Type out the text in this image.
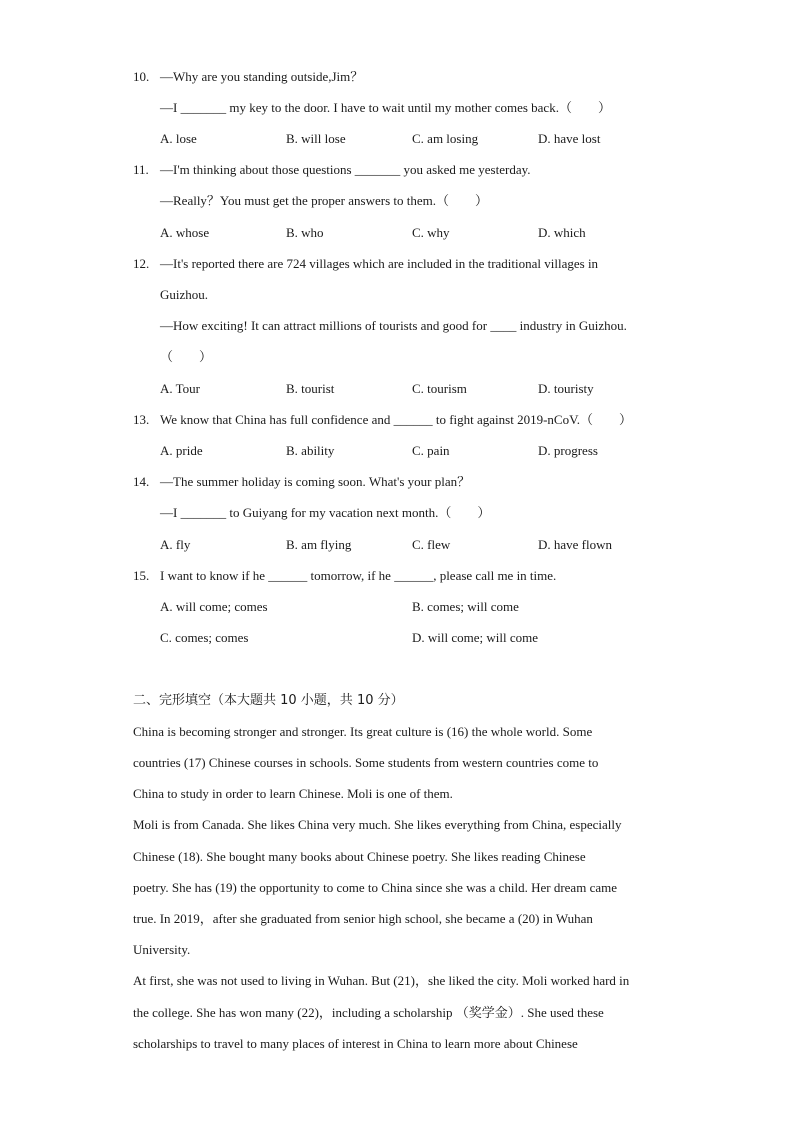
10. —Why are you standing outside,Jim？
—I _______ my key to the door. I have to wait until my mother comes back.（　　）
A. lose	B. will lose	C. am losing	D. have lost
11. —I'm thinking about those questions _______ you asked me yesterday.
—Really？You must get the proper answers to them.（　　）
A. whose	B. who	C. why	D. which
12. —It's reported there are 724 villages which are included in the traditional villages in
Guizhou.
—How exciting! It can attract millions of tourists and good for ____ industry in Guizhou.
（　　）
A. Tour	B. tourist	C. tourism	D. touristy
13. We know that China has full confidence and ______ to fight against 2019-nCoV.（　　）
A. pride	B. ability	C. pain	D. progress
14. —The summer holiday is coming soon. What's your plan？
—I _______ to Guiyang for my vacation next month.（　　）
A. fly	B. am flying	C. flew	D. have flown
15. I want to know if he ______ tomorrow, if he ______, please call me in time.
A. will come; comes	B. comes; will come
C. comes; comes	D. will come; will come
二、完形填空（本大题共 10 小题，共 10 分）
China is becoming stronger and stronger. Its great culture is (16) the whole world. Some
countries (17) Chinese courses in schools. Some students from western countries come to
China to study in order to learn Chinese. Moli is one of them.
Moli is from Canada. She likes China very much. She likes everything from China, especially
Chinese (18). She bought many books about Chinese poetry. She likes reading Chinese
poetry. She has (19) the opportunity to come to China since she was a child. Her dream came
true. In 2019，after she graduated from senior high school, she became a (20) in Wuhan
University.
At first, she was not used to living in Wuhan. But (21)，she liked the city. Moli worked hard in
the college. She has won many (22)，including a scholarship （奖学金）. She used these
scholarships to travel to many places of interest in China to learn more about Chinese
